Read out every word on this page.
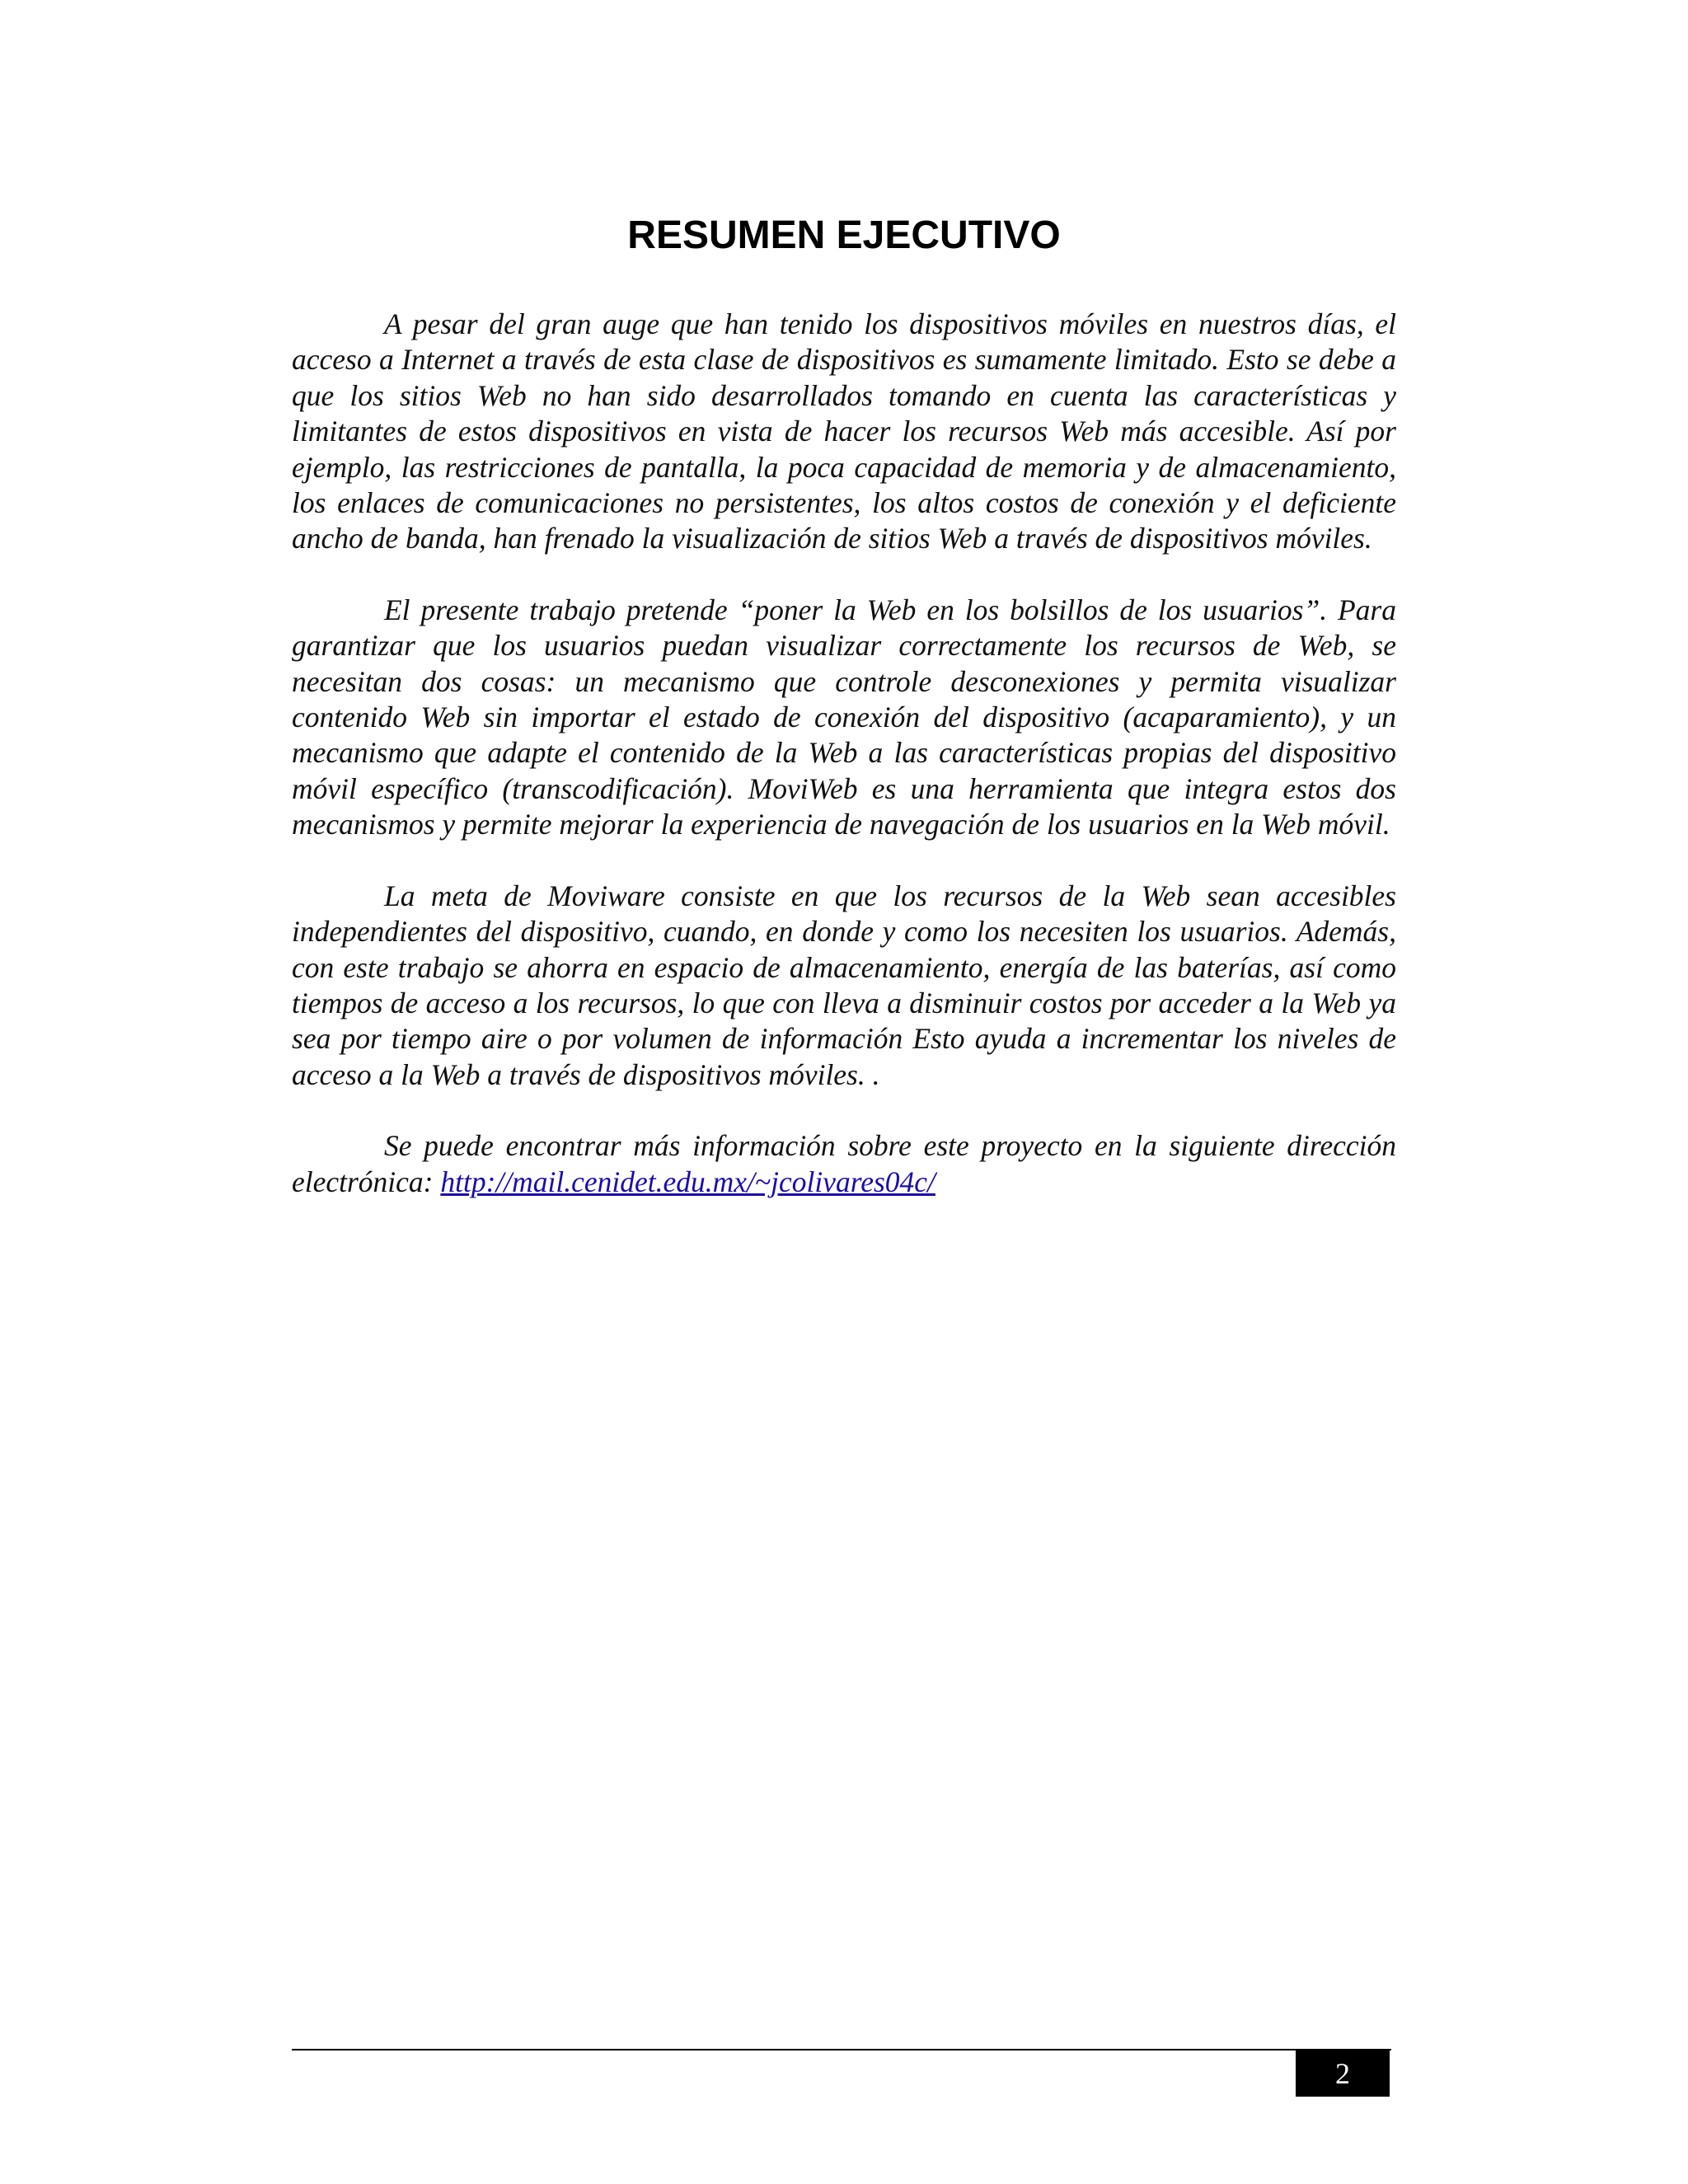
RESUMEN EJECUTIVO

A pesar del gran auge que han tenido los dispositivos móviles en nuestros días, el acceso a Internet a través de esta clase de dispositivos es sumamente limitado. Esto se debe a que los sitios Web no han sido desarrollados tomando en cuenta las características y limitantes de estos dispositivos en vista de hacer los recursos Web más accesible. Así por ejemplo, las restricciones de pantalla, la poca capacidad de memoria y de almacenamiento, los enlaces de comunicaciones no persistentes, los altos costos de conexión y el deficiente ancho de banda, han frenado la visualización de sitios Web a través de dispositivos móviles.

El presente trabajo pretende “poner la Web en los bolsillos de los usuarios”. Para garantizar que los usuarios puedan visualizar correctamente los recursos de Web, se necesitan dos cosas: un mecanismo que controle desconexiones y permita visualizar contenido Web sin importar el estado de conexión del dispositivo (acaparamiento), y un mecanismo que adapte el contenido de la Web a las características propias del dispositivo móvil específico (transcodificación). MoviWeb es una herramienta que integra estos dos mecanismos y permite mejorar la experiencia de navegación de los usuarios en la Web móvil.

La meta de Moviware consiste en que los recursos de la Web sean accesibles independientes del dispositivo, cuando, en donde y como los necesiten los usuarios. Además, con este trabajo se ahorra en espacio de almacenamiento, energía de las baterías, así como tiempos de acceso a los recursos, lo que con lleva a disminuir costos por acceder a la Web ya sea por tiempo aire o por volumen de información Esto ayuda a incrementar los niveles de acceso a la Web a través de dispositivos móviles. .

Se puede encontrar más información sobre este proyecto en la siguiente dirección electrónica: http://mail.cenidet.edu.mx/~jcolivares04c/

2
